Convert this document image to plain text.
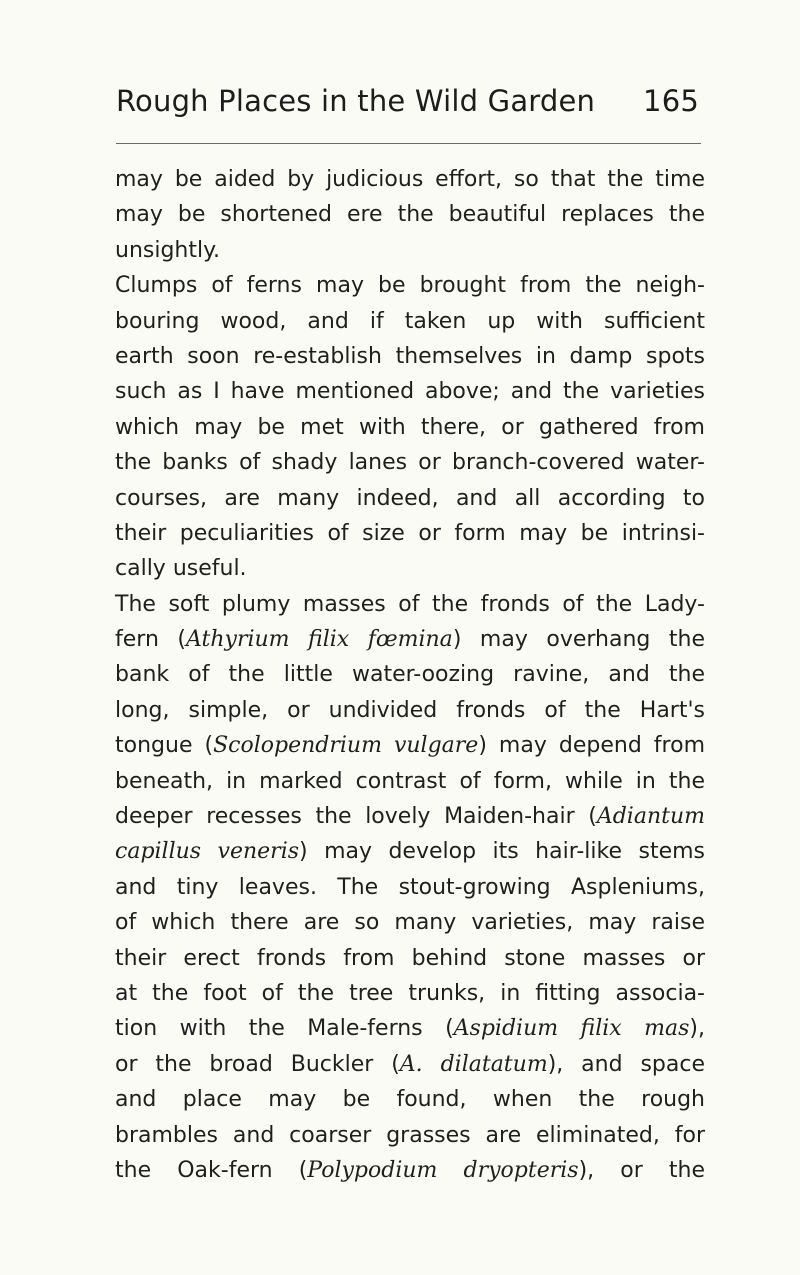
Rough Places in the Wild Garden 165
may be aided by judicious effort, so that the time
may be shortened ere the beautiful replaces the
unsightly.
Clumps of ferns may be brought from the neigh-
bouring wood, and if taken up with sufficient
earth soon re-establish themselves in damp spots
such as I have mentioned above; and the varieties
which may be met with there, or gathered from
the banks of shady lanes or branch-covered water-
courses, are many indeed, and all according to
their peculiarities of size or form may be intrinsi-
cally useful.
The soft plumy masses of the fronds of the Lady-
fern (Athyrium filix fœmina) may overhang the
bank of the little water-oozing ravine, and the
long, simple, or undivided fronds of the Hart's
tongue (Scolopendrium vulgare) may depend from
beneath, in marked contrast of form, while in the
deeper recesses the lovely Maiden-hair (Adiantum
capillus veneris) may develop its hair-like stems
and tiny leaves. The stout-growing Aspleniums,
of which there are so many varieties, may raise
their erect fronds from behind stone masses or
at the foot of the tree trunks, in fitting associa-
tion with the Male-ferns (Aspidium filix mas),
or the broad Buckler (A. dilatatum), and space
and place may be found, when the rough
brambles and coarser grasses are eliminated, for
the Oak-fern (Polypodium dryopteris), or the
